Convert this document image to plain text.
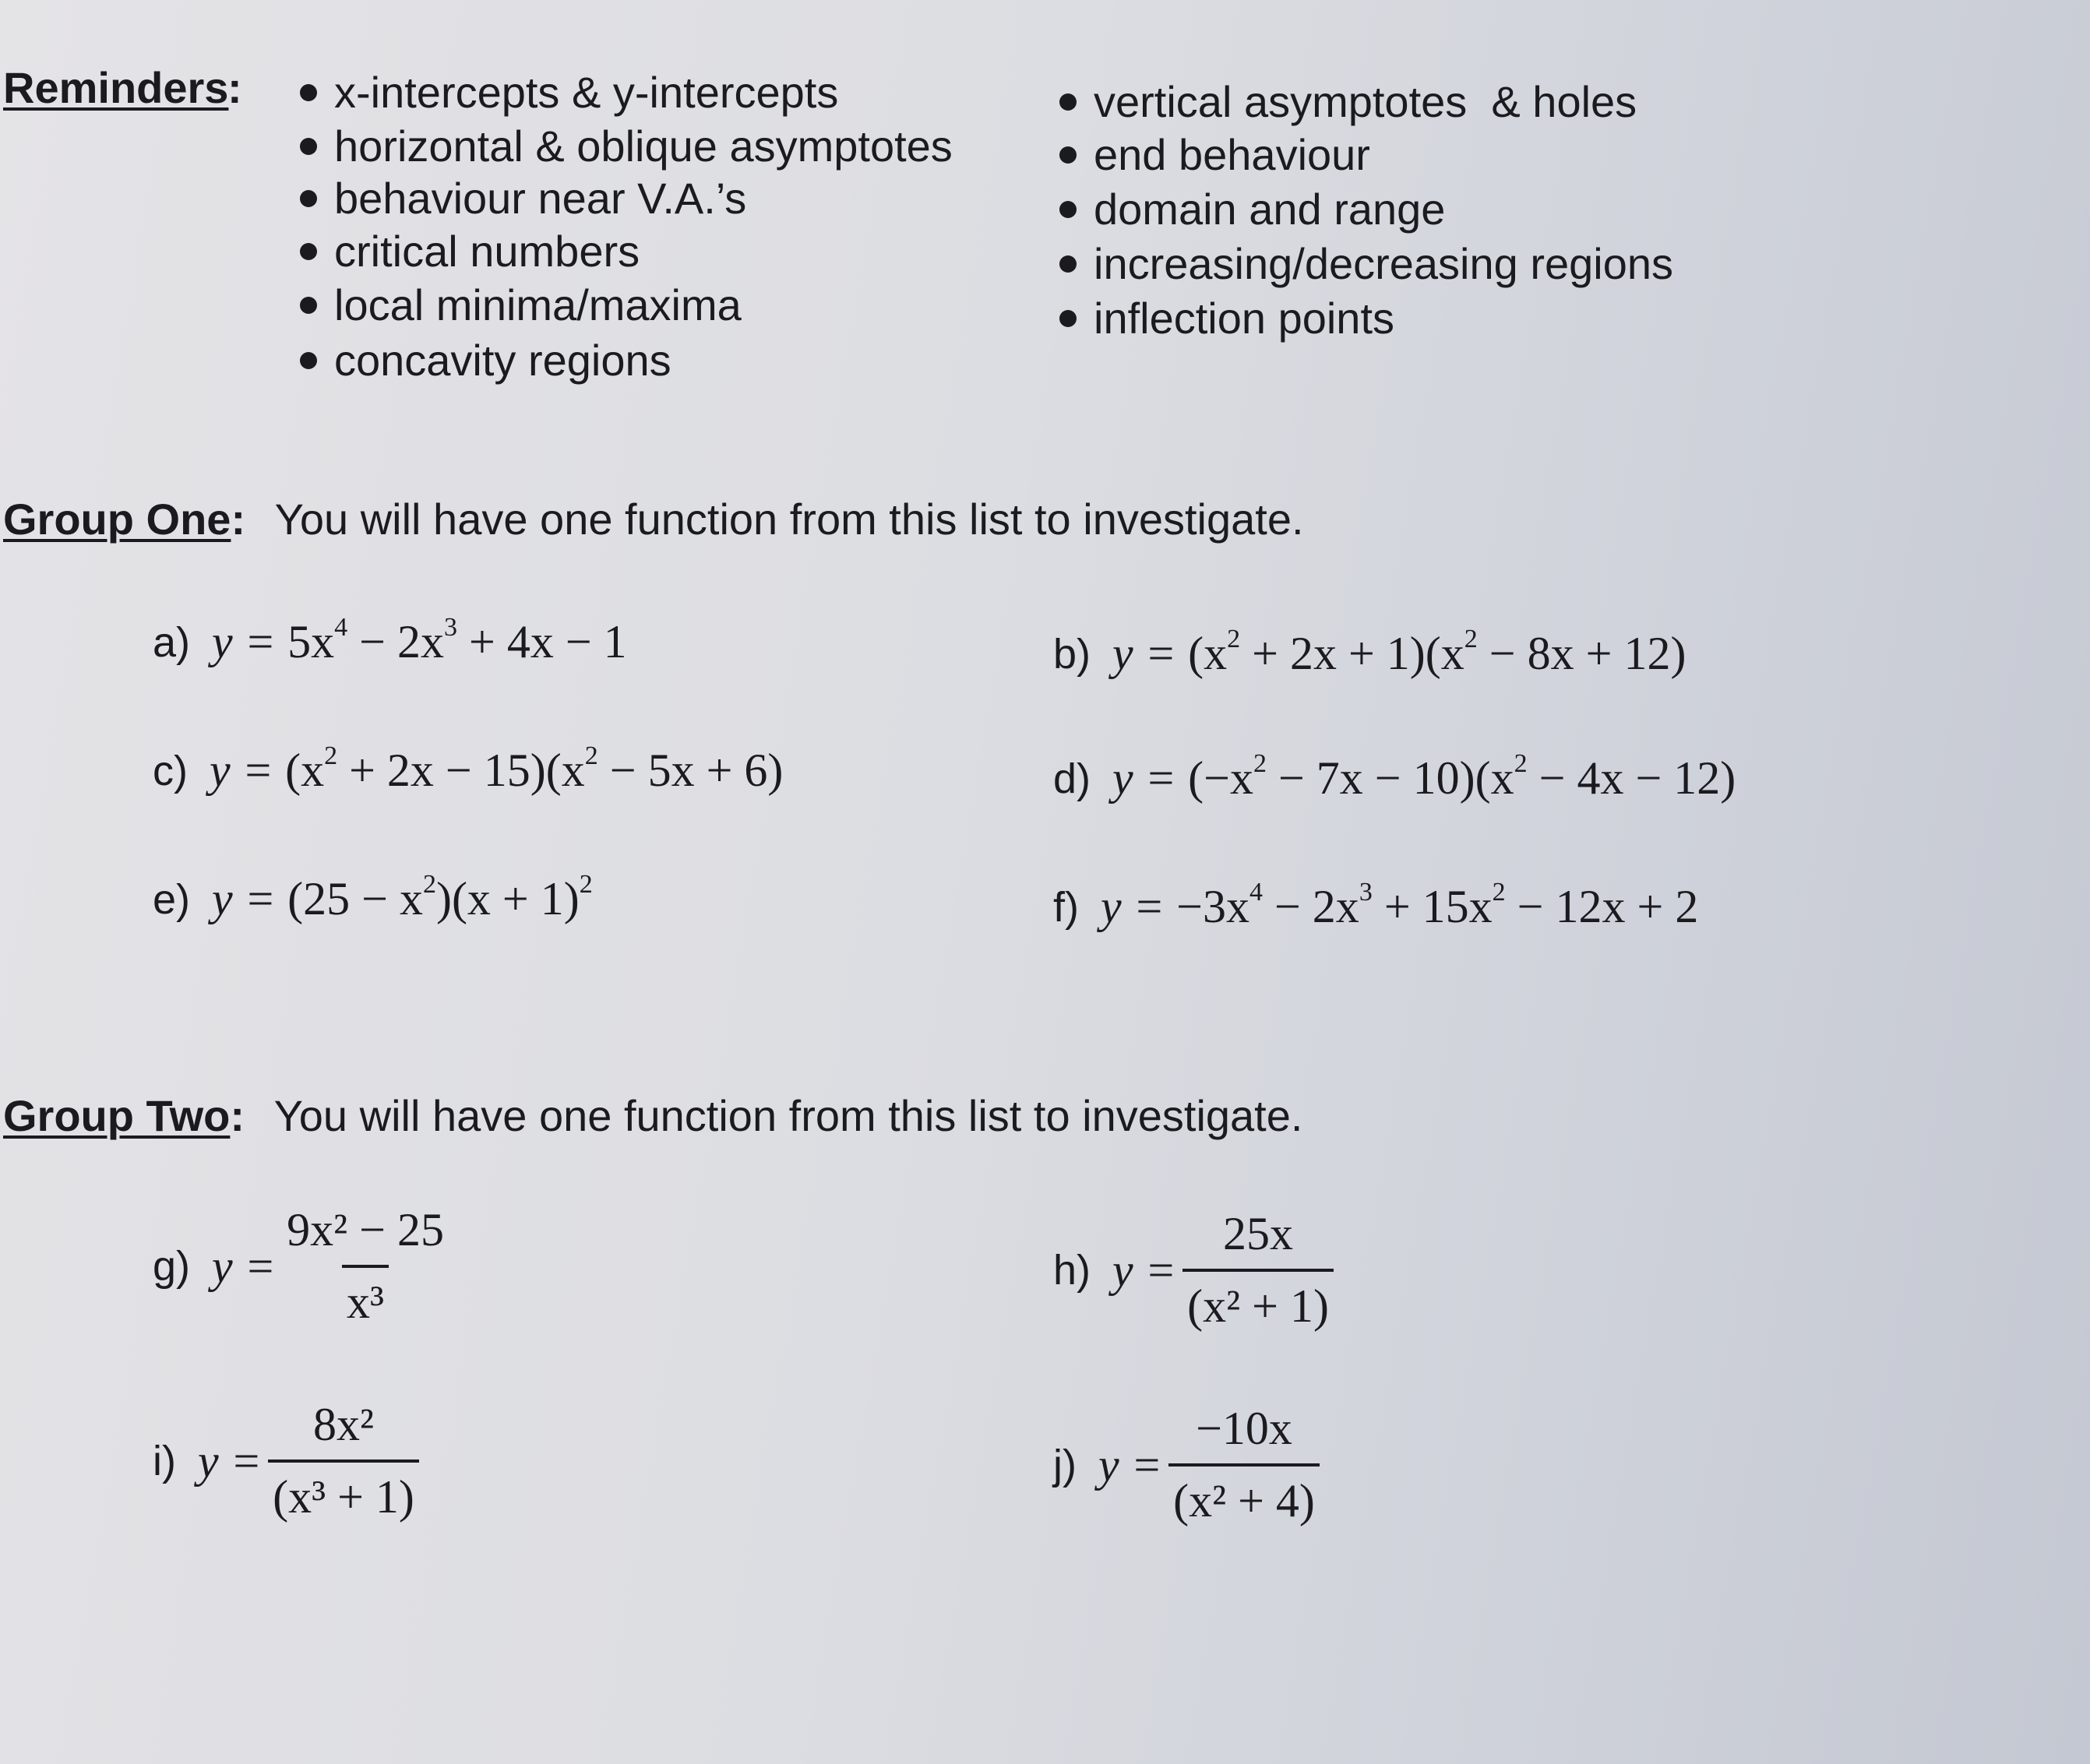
Reminders
:	x-intercepts & y-intercepts
horizontal & oblique asymptotes
behaviour near V.A.’s
critical numbers
local minima/maxima
concavity regions
vertical asymptotes  & holes
end behaviour
domain and range
increasing/decreasing regions
inflection points
Group One: You will have one function from this list to investigate.
a) $y = 5x^4 - 2x^3 + 4x - 1$	b) $y = (x^2 + 2x + 1)(x^2 - 8x + 12)$
c) $y = (x^2 + 2x - 15)(x^2 - 5x + 6)$	d) $y = (-x^2 - 7x - 10)(x^2 - 4x - 12)$
e) $y = (25 - x^2)(x + 1)^2$	f) $y = -3x^4 - 2x^3 + 15x^2 - 12x + 2$
Group Two: You will have one function from this list to investigate.
g) $y = \frac{\text{9x² − 25}}{\text{x³}}$	h) $y = \frac{25x}{\text{(x² + 1)}}$
i) $y = \frac{\text{8x²}}{\text{(x³ + 1)}}$	j) $y = \frac{-10x}{\text{(x² + 4)}}$
